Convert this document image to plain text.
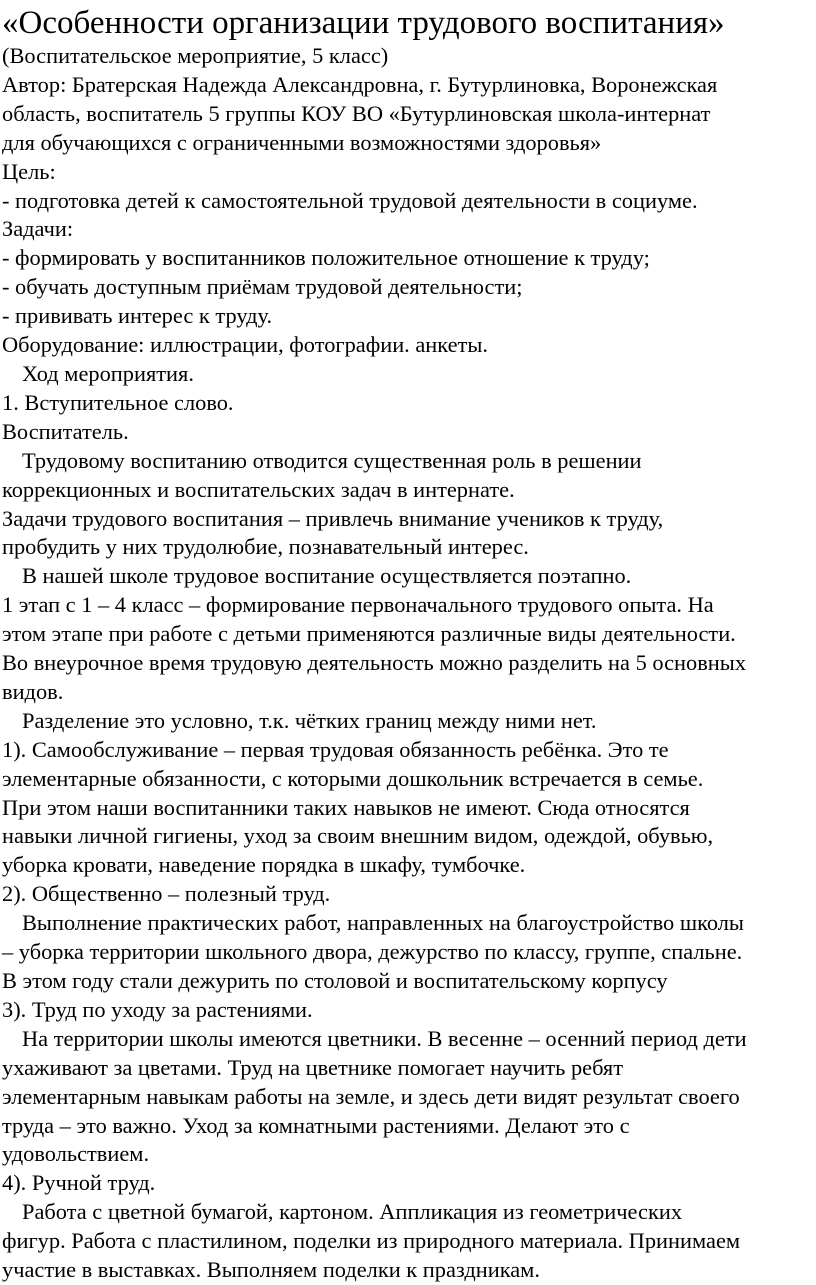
«Особенности организации трудового воспитания»
(Воспитательское мероприятие, 5 класс)
Автор: Братерская Надежда Александровна, г. Бутурлиновка, Воронежская
область, воспитатель 5 группы КОУ ВО «Бутурлиновская школа-интернат
для обучающихся с ограниченными возможностями здоровья»
Цель:
- подготовка детей к самостоятельной трудовой деятельности в социуме.
Задачи:
- формировать у воспитанников положительное отношение к труду;
- обучать доступным приёмам трудовой деятельности;
- прививать интерес к труду.
Оборудование: иллюстрации, фотографии. анкеты.
Ход мероприятия.
1. Вступительное слово.
Воспитатель.
Трудовому воспитанию отводится существенная роль в решении
коррекционных и воспитательских задач в интернате.
Задачи трудового воспитания – привлечь внимание учеников к труду,
пробудить у них трудолюбие, познавательный интерес.
В нашей школе трудовое воспитание осуществляется поэтапно.
1 этап с 1 – 4 класс – формирование первоначального трудового опыта. На
этом этапе при работе с детьми применяются различные виды деятельности.
Во внеурочное время трудовую деятельность можно разделить на 5 основных
видов.
Разделение это условно, т.к. чётких границ между ними нет.
1). Самообслуживание – первая трудовая обязанность ребёнка. Это те
элементарные обязанности, с которыми дошкольник встречается в семье.
При этом наши воспитанники таких навыков не имеют. Сюда относятся
навыки личной гигиены, уход за своим внешним видом, одеждой, обувью,
уборка кровати, наведение порядка в шкафу, тумбочке.
2). Общественно – полезный труд.
Выполнение практических работ, направленных на благоустройство школы
– уборка территории школьного двора, дежурство по классу, группе, спальне.
В этом году стали дежурить по столовой и воспитательскому корпусу
3). Труд по уходу за растениями.
На территории школы имеются цветники. В весенне – осенний период дети
ухаживают за цветами. Труд на цветнике помогает научить ребят
элементарным навыкам работы на земле, и здесь дети видят результат своего
труда – это важно. Уход за комнатными растениями. Делают это с
удовольствием.
4). Ручной труд.
Работа с цветной бумагой, картоном. Аппликация из геометрических
фигур. Работа с пластилином, поделки из природного материала. Принимаем
участие в выставках. Выполняем поделки к праздникам.
